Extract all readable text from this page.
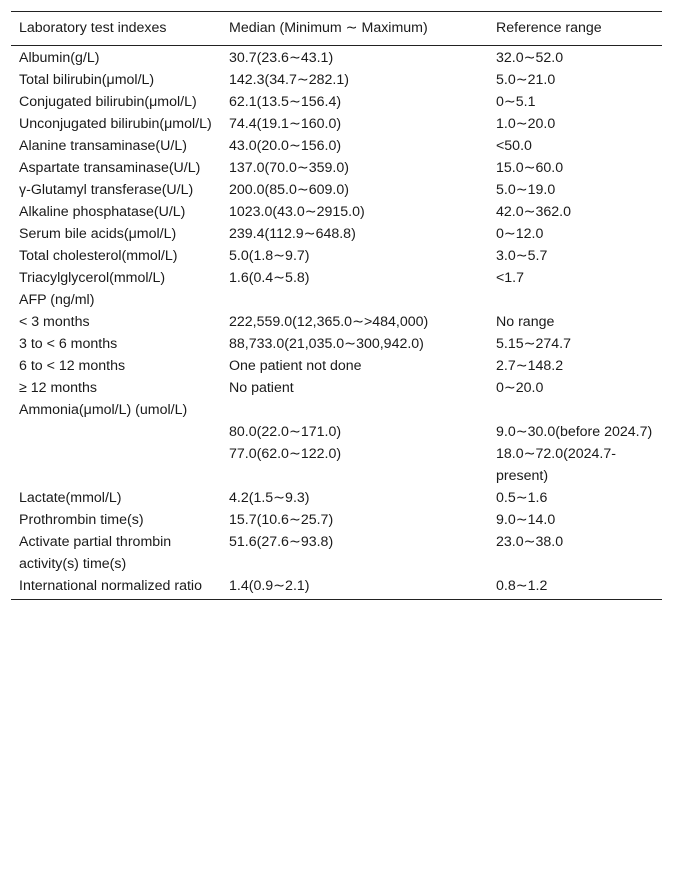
Laboratory test indexes	Median (Minimum ∼ Maximum)	Reference range
Albumin(g/L)	30.7(23.6∼43.1)	32.0∼52.0
Total bilirubin(μmol/L)	142.3(34.7∼282.1)	5.0∼21.0
Conjugated bilirubin(μmol/L)	62.1(13.5∼156.4)	0∼5.1
Unconjugated bilirubin(μmol/L)	74.4(19.1∼160.0)	1.0∼20.0
Alanine transaminase(U/L)	43.0(20.0∼156.0)	<50.0
Aspartate transaminase(U/L)	137.0(70.0∼359.0)	15.0∼60.0
γ-Glutamyl transferase(U/L)	200.0(85.0∼609.0)	5.0∼19.0
Alkaline phosphatase(U/L)	1023.0(43.0∼2915.0)	42.0∼362.0
Serum bile acids(μmol/L)	239.4(112.9∼648.8)	0∼12.0
Total cholesterol(mmol/L)	5.0(1.8∼9.7)	3.0∼5.7
Triacylglycerol(mmol/L)	1.6(0.4∼5.8)	<1.7
AFP (ng/ml)		
< 3 months	222,559.0(12,365.0∼>484,000)	No range
3 to < 6 months	88,733.0(21,035.0∼300,942.0)	5.15∼274.7
6 to < 12 months	One patient not done	2.7∼148.2
≥ 12 months	No patient	0∼20.0
Ammonia(μmol/L) (umol/L)		
	80.0(22.0∼171.0)	9.0∼30.0(before 2024.7)
	77.0(62.0∼122.0)	18.0∼72.0(2024.7-present)
Lactate(mmol/L)	4.2(1.5∼9.3)	0.5∼1.6
Prothrombin time(s)	15.7(10.6∼25.7)	9.0∼14.0
Activate partial thrombin activity(s) time(s)	51.6(27.6∼93.8)	23.0∼38.0
International normalized ratio	1.4(0.9∼2.1)	0.8∼1.2
